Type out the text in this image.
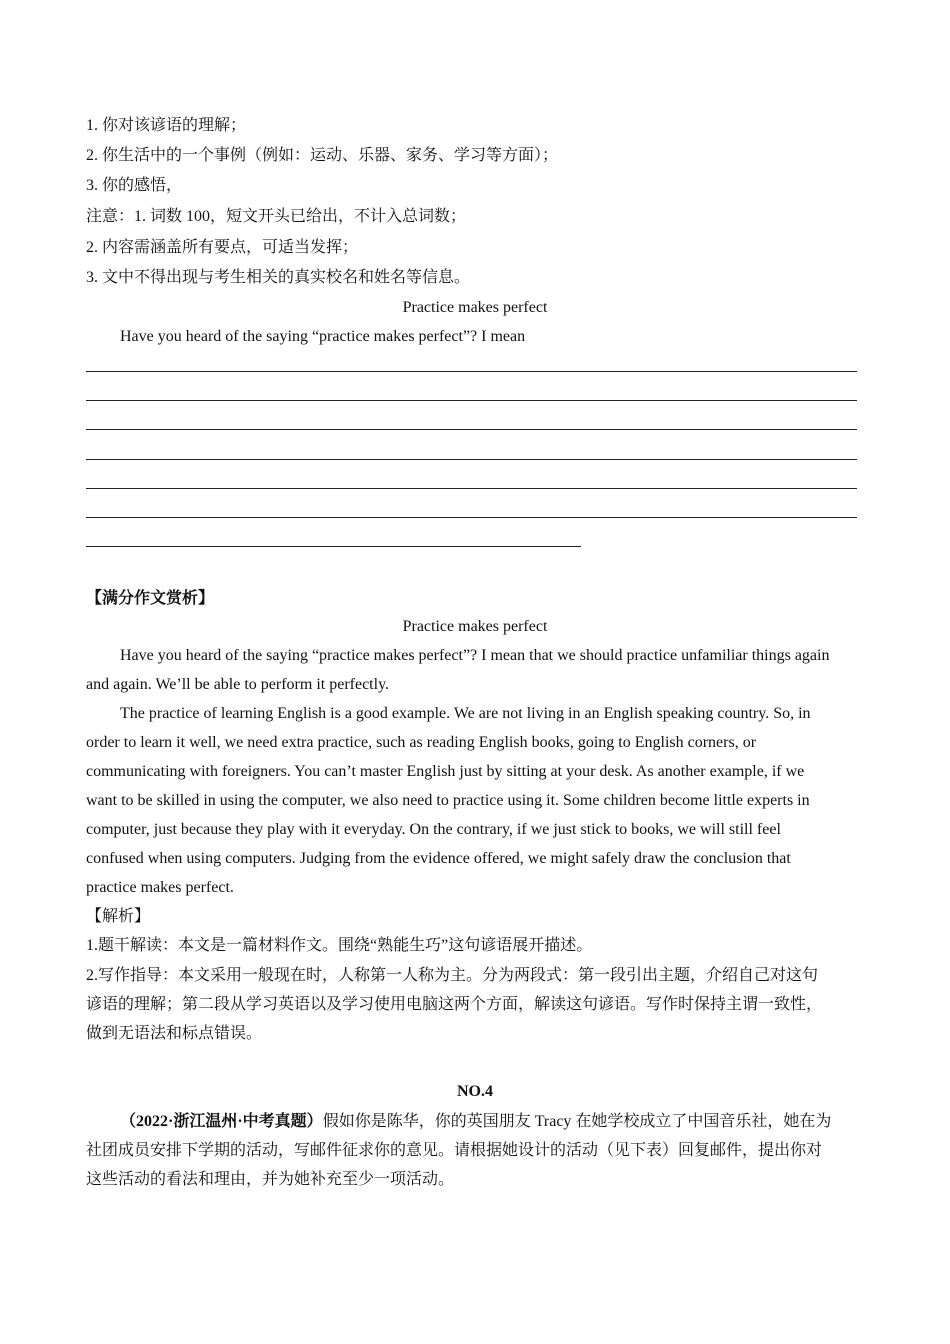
1. 你对该谚语的理解；
2. 你生活中的一个事例（例如：运动、乐器、家务、学习等方面）；
3. 你的感悟，
注意：1. 词数 100，短文开头已给出，不计入总词数；
2. 内容需涵盖所有要点，可适当发挥；
3. 文中不得出现与考生相关的真实校名和姓名等信息。
Practice makes perfect
Have you heard of the saying “practice makes perfect”? I mean
【满分作文赏析】
Practice makes perfect
Have you heard of the saying “practice makes perfect”? I mean that we should practice unfamiliar things again
and again. We’ll be able to perform it perfectly.
The practice of learning English is a good example. We are not living in an English speaking country. So, in
order to learn it well, we need extra practice, such as reading English books, going to English corners, or
communicating with foreigners. You can’t master English just by sitting at your desk. As another example, if we
want to be skilled in using the computer, we also need to practice using it. Some children become little experts in
computer, just because they play with it everyday. On the contrary, if we just stick to books, we will still feel
confused when using computers. Judging from the evidence offered, we might safely draw the conclusion that
practice makes perfect.
【解析】
1.题干解读：本文是一篇材料作文。围绕“熟能生巧”这句谚语展开描述。
2.写作指导：本文采用一般现在时，人称第一人称为主。分为两段式：第一段引出主题，介绍自己对这句
谚语的理解；第二段从学习英语以及学习使用电脑这两个方面，解读这句谚语。写作时保持主谓一致性，
做到无语法和标点错误。
NO.4
（2022·浙江温州·中考真题）假如你是陈华，你的英国朋友 Tracy 在她学校成立了中国音乐社，她在为
社团成员安排下学期的活动，写邮件征求你的意见。请根据她设计的活动（见下表）回复邮件，提出你对
这些活动的看法和理由，并为她补充至少一项活动。
